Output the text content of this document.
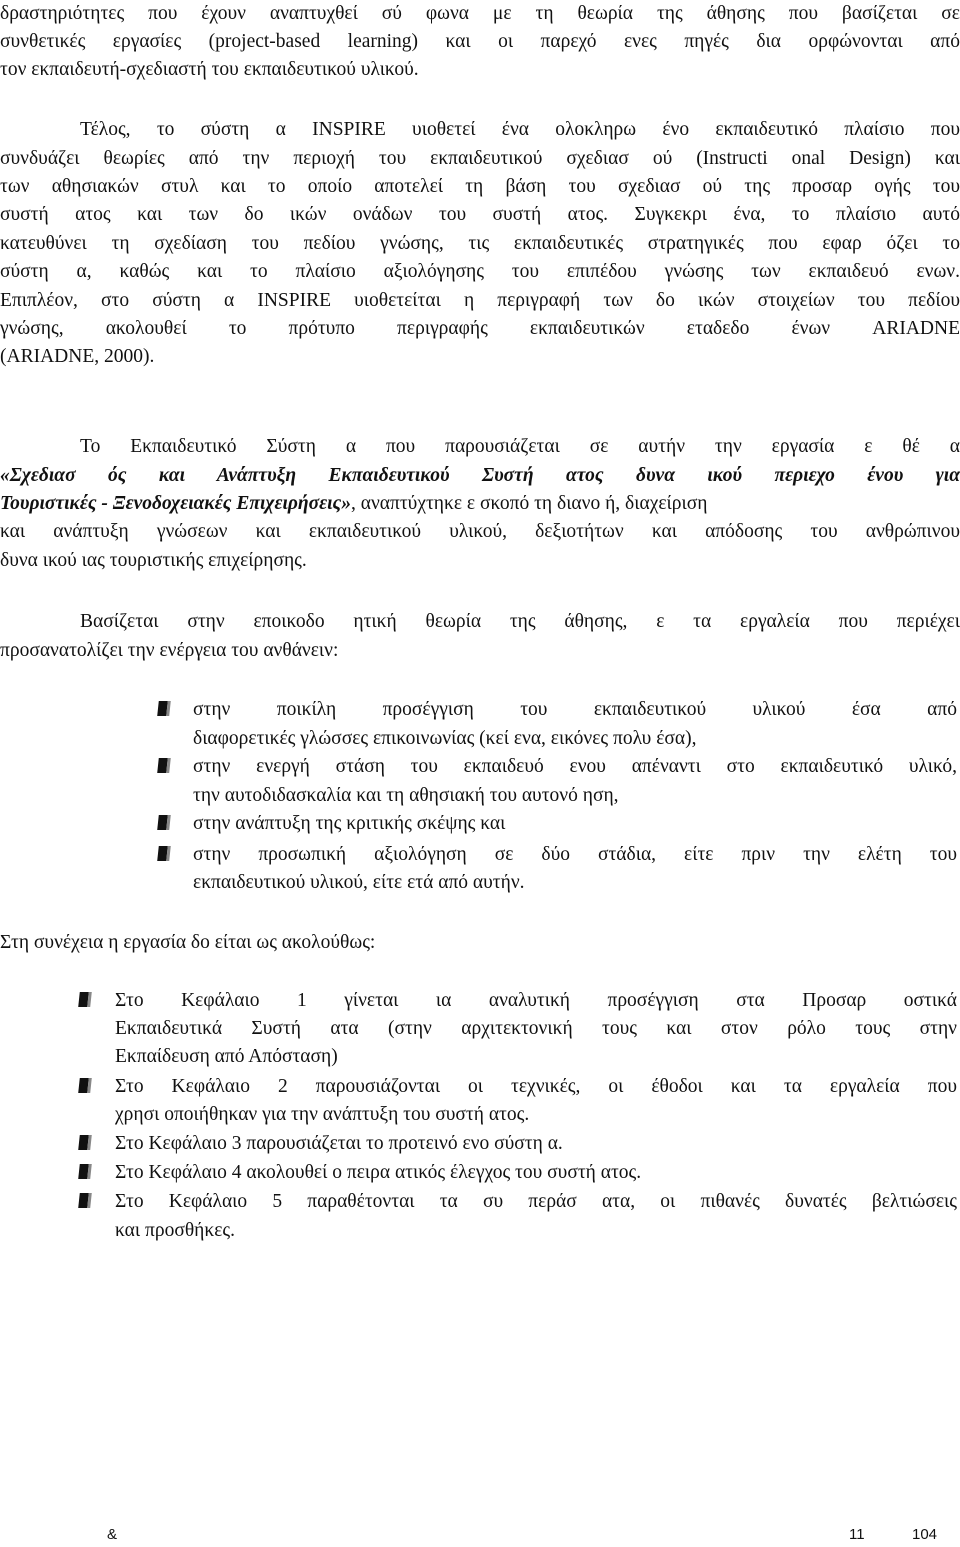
δραστηριότητες που έχουν αναπτυχθεί σύ φωνα με τη θεωρία της άθησης που βασίζεται σε

συνθετικές εργασίες (project-based learning) και οι παρεχό ενες πηγές δια ορφώνονται από

τον εκπαιδευτή-σχεδιαστή του εκπαιδευτικού υλικού.

Τέλος, το σύστη α INSPIRE υιοθετεί ένα ολοκληρω ένο εκπαιδευτικό πλαίσιο που

συνδυάζει θεωρίες από την περιοχή του εκπαιδευτικού σχεδιασ ού (Instructi onal Design) και

των αθησιακών στυλ και το οποίο αποτελεί τη βάση του σχεδιασ ού της προσαρ ογής του

συστή ατος και των δο ικών ονάδων του συστή ατος. Συγκεκρι ένα, το πλαίσιο αυτό

κατευθύνει τη σχεδίαση του πεδίου γνώσης, τις εκπαιδευτικές στρατηγικές που εφαρ όζει το

σύστη α, καθώς και το πλαίσιο αξιολόγησης του επιπέδου γνώσης των εκπαιδευό ενων.

Επιπλέον, στο σύστη α INSPIRE υιοθετείται η περιγραφή των δο ικών στοιχείων του πεδίου

γνώσης, ακολουθεί το πρότυπο περιγραφής εκπαιδευτικών εταδεδο ένων ARIADNE

(ARIADNE, 2000).

Το Εκπαιδευτικό Σύστη α που παρουσιάζεται σε αυτήν την εργασία ε θέ α

«Σχεδιασ ός και Ανάπτυξη Εκπαιδευτικού Συστή ατος δυνα ικού περιεχο ένου για

Τουριστικές - Ξενοδοχειακές Επιχειρήσεις», αναπτύχτηκε ε σκοπό τη διανο ή, διαχείριση

και ανάπτυξη γνώσεων και εκπαιδευτικού υλικού, δεξιοτήτων και απόδοσης του ανθρώπινου

δυνα ικού ιας τουριστικής επιχείρησης.

Βασίζεται στην εποικοδο ητική θεωρία της άθησης, ε τα εργαλεία που περιέχει

προσανατολίζει την ενέργεια του ανθάνειν:

στην ποικίλη προσέγγιση του εκπαιδευτικού υλικού έσα από

διαφορετικές γλώσσες επικοινωνίας (κεί ενα, εικόνες πολυ έσα),

στην ενεργή στάση του εκπαιδευό ενου απέναντι στο εκπαιδευτικό υλικό,

την αυτοδιδασκαλία και τη αθησιακή του αυτονό ηση,

στην ανάπτυξη της κριτικής σκέψης και

στην προσωπική αξιολόγηση σε δύο στάδια, είτε πριν την ελέτη του

εκπαιδευτικού υλικού, είτε ετά από αυτήν.

Στη συνέχεια η εργασία δο είται ως ακολούθως:

Στο Κεφάλαιο 1 γίνεται ια αναλυτική προσέγγιση στα Προσαρ οστικά

Εκπαιδευτικά Συστή ατα (στην αρχιτεκτονική τους και στον ρόλο τους στην

Εκπαίδευση από Απόσταση)

Στο Κεφάλαιο 2 παρουσιάζονται οι τεχνικές, οι έθοδοι και τα εργαλεία που

χρησι οποιήθηκαν για την ανάπτυξη του συστή ατος.

Στο Κεφάλαιο 3 παρουσιάζεται το προτεινό ενο σύστη α.

Στο Κεφάλαιο 4 ακολουθεί ο πειρα ατικός έλεγχος του συστή ατος.

Στο Κεφάλαιο 5 παραθέτονται τα συ περάσ ατα, οι πιθανές δυνατές βελτιώσεις

και προσθήκες.

&	11	104
